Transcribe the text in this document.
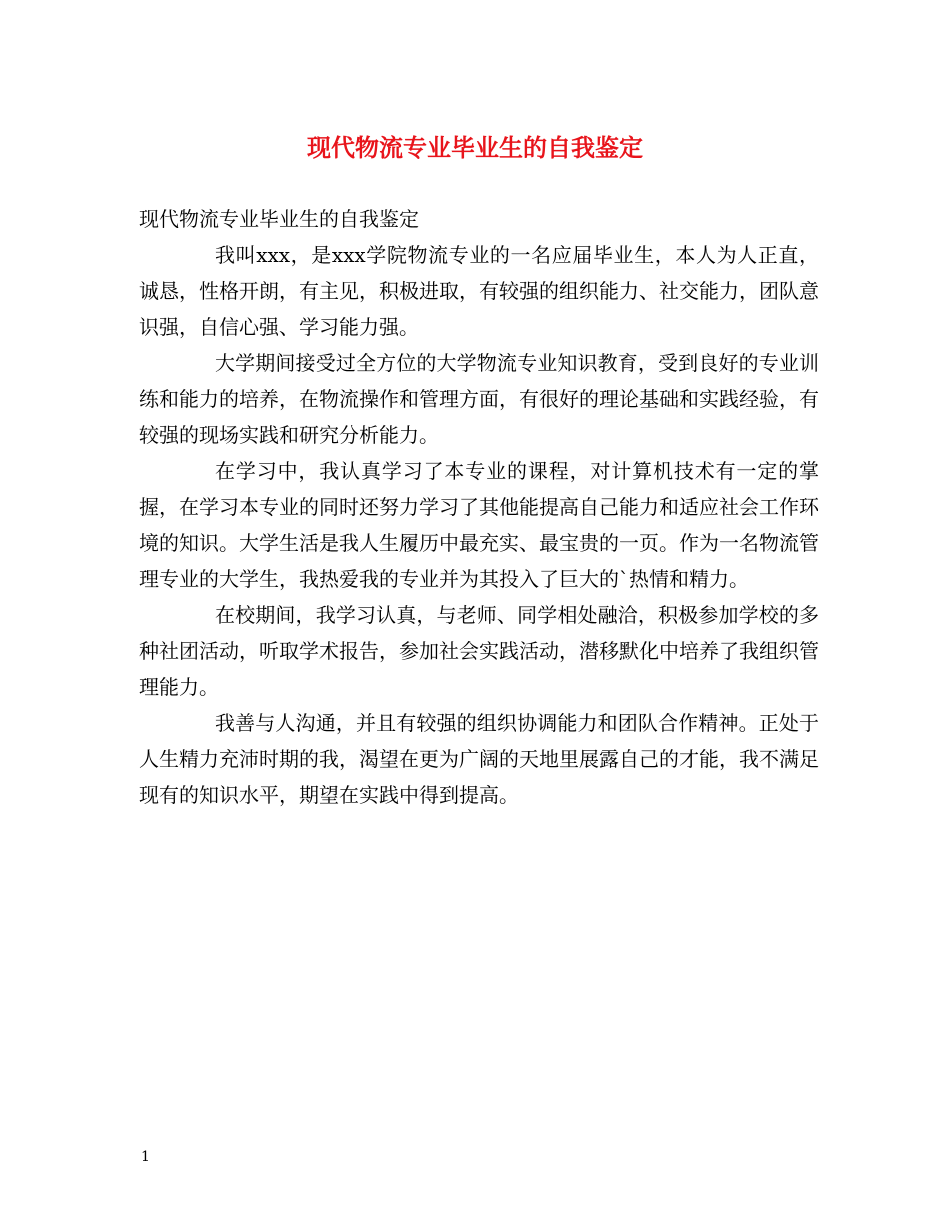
现代物流专业毕业生的自我鉴定

现代物流专业毕业生的自我鉴定

我叫xxx，是xxx学院物流专业的一名应届毕业生，本人为人正直，诚恳，性格开朗，有主见，积极进取，有较强的组织能力、社交能力，团队意识强，自信心强、学习能力强。

大学期间接受过全方位的大学物流专业知识教育，受到良好的专业训练和能力的培养，在物流操作和管理方面，有很好的理论基础和实践经验，有较强的现场实践和研究分析能力。

在学习中，我认真学习了本专业的课程，对计算机技术有一定的掌握，在学习本专业的同时还努力学习了其他能提高自己能力和适应社会工作环境的知识。大学生活是我人生履历中最充实、最宝贵的一页。作为一名物流管理专业的大学生，我热爱我的专业并为其投入了巨大的`热情和精力。

在校期间，我学习认真，与老师、同学相处融洽，积极参加学校的多种社团活动，听取学术报告，参加社会实践活动，潜移默化中培养了我组织管理能力。

我善与人沟通，并且有较强的组织协调能力和团队合作精神。正处于人生精力充沛时期的我，渴望在更为广阔的天地里展露自己的才能，我不满足现有的知识水平，期望在实践中得到提高。

1
